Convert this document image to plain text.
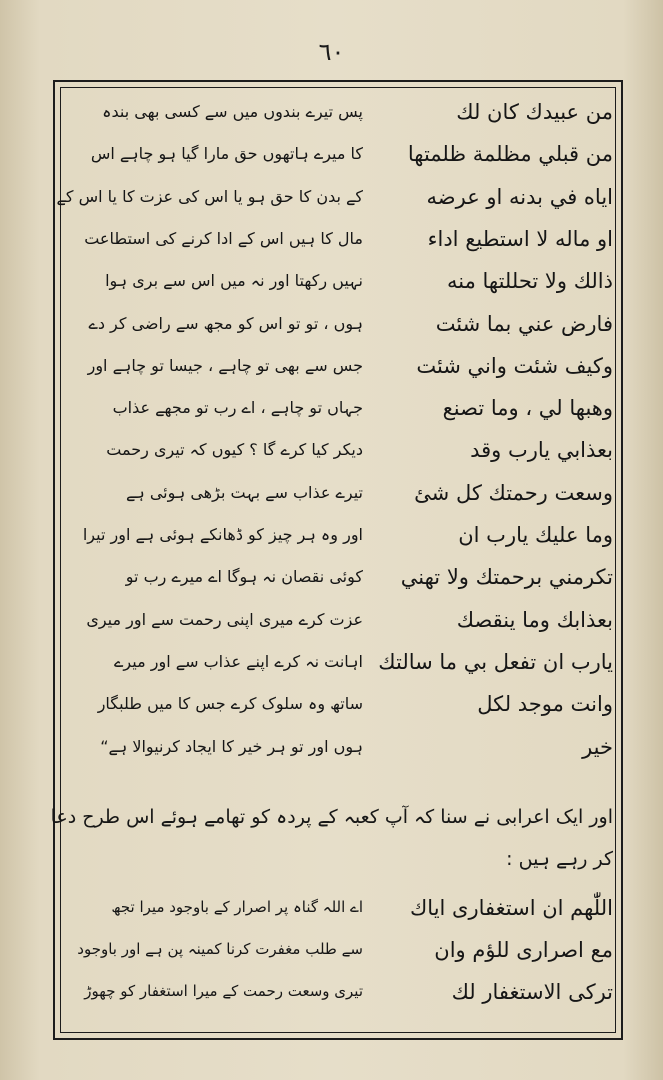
٦٠
من عبيدك كان لك
من قبلي مظلمة ظلمتها
اياه في بدنه او عرضه
او ماله لا استطيع اداء
ذالك ولا تحللتها منه
فارض عني بما شئت
وكيف شئت واني شئت
وهبها لي ، وما تصنع
بعذابي يارب وقد
وسعت رحمتك كل شئ
وما عليك يارب ان
تكرمني برحمتك ولا تهني
بعذابك وما ينقصك
يارب ان تفعل بي ما سالتك
وانت موجد لكل
خير
پس تیرے بندوں میں سے کسی بھی بندہ
کا میرے ہاتھوں حق مارا گیا ہو چاہے اس
کے بدن کا حق ہو یا اس کی عزت کا یا اس کے
مال کا ہیں اس کے ادا کرنے کی استطاعت
نہیں رکھتا اور نہ میں اس سے بری ہوا
ہوں ، تو تو اس کو مجھ سے راضی کر دے
جس سے بھی تو چاہے ، جیسا تو چاہے اور
جہاں تو چاہے ، اے رب تو مجھے عذاب
دیکر کیا کرے گا ؟ کیوں کہ تیری رحمت
تیرے عذاب سے بہت بڑھی ہوئی ہے
اور وہ ہر چیز کو ڈھانکے ہوئی ہے اور تیرا
کوئی نقصان نہ ہوگا اے میرے رب تو
عزت کرے میری اپنی رحمت سے اور میری
اہانت نہ کرے اپنے عذاب سے اور میرے
ساتھ وہ سلوک کرے جس کا میں طلبگار
ہوں اور تو ہر خیر کا ایجاد کرنیوالا ہے“
اور ایک اعرابی نے سنا کہ آپ کعبہ کے پردہ کو تھامے ہوئے اس طرح دعا
کر رہے ہیں :
اللّٰهم ان استغفاری ایاك
مع اصراری للؤم وان
ترکی الاستغفار لك
اے اللہ گناہ پر اصرار کے باوجود میرا تجھ
سے طلب مغفرت کرنا کمینہ پن ہے اور باوجود
تیری وسعت رحمت کے میرا استغفار کو چھوڑ
